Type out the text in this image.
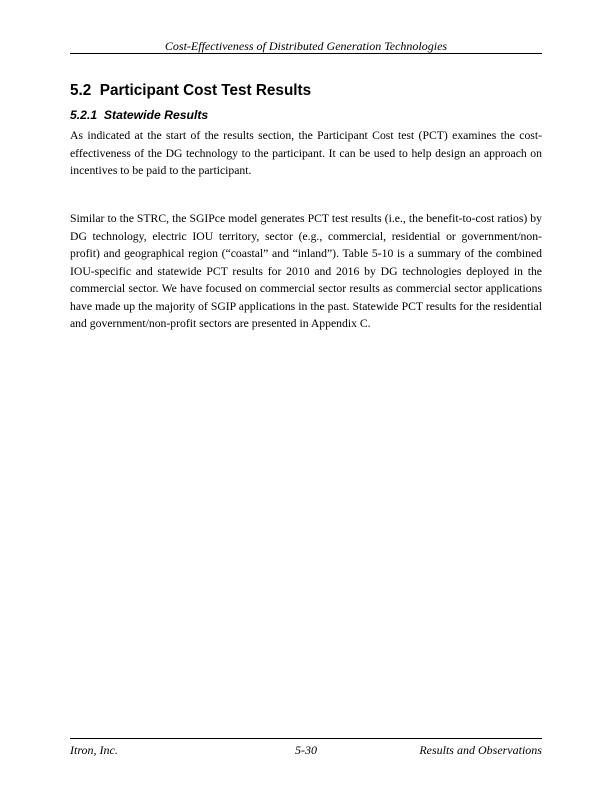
Cost-Effectiveness of Distributed Generation Technologies
5.2  Participant Cost Test Results
5.2.1  Statewide Results

As indicated at the start of the results section, the Participant Cost test (PCT) examines the cost-effectiveness of the DG technology to the participant. It can be used to help design an approach on incentives to be paid to the participant.

Similar to the STRC, the SGIPce model generates PCT test results (i.e., the benefit-to-cost ratios) by DG technology, electric IOU territory, sector (e.g., commercial, residential or government/non-profit) and geographical region (“coastal” and “inland”). Table 5-10 is a summary of the combined IOU-specific and statewide PCT results for 2010 and 2016 by DG technologies deployed in the commercial sector. We have focused on commercial sector results as commercial sector applications have made up the majority of SGIP applications in the past. Statewide PCT results for the residential and government/non-profit sectors are presented in Appendix C.

Itron, Inc.	5-30	Results and Observations
